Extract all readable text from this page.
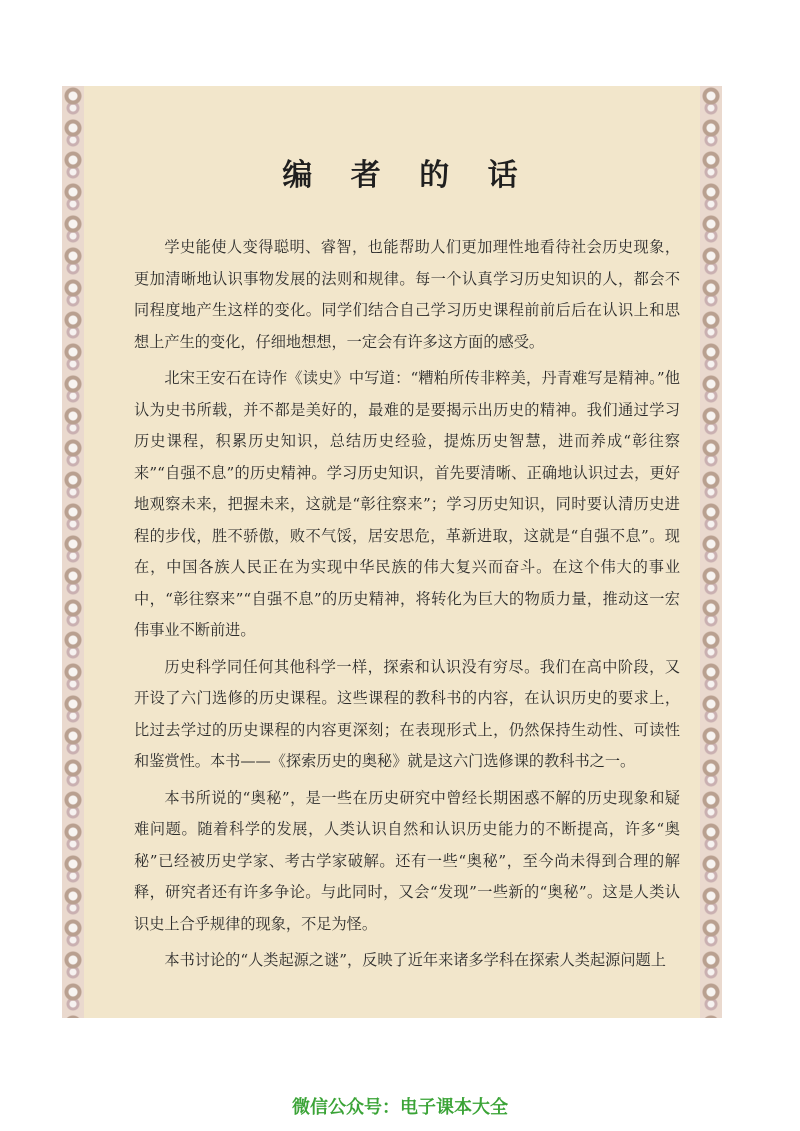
编 者 的 话

学史能使人变得聪明、睿智，也能帮助人们更加理性地看待社会历史现象，更加清晰地认识事物发展的法则和规律。每一个认真学习历史知识的人，都会不同程度地产生这样的变化。同学们结合自己学习历史课程前前后后在认识上和思想上产生的变化，仔细地想想，一定会有许多这方面的感受。

北宋王安石在诗作《读史》中写道：“糟粕所传非粹美，丹青难写是精神。”他认为史书所载，并不都是美好的，最难的是要揭示出历史的精神。我们通过学习历史课程，积累历史知识，总结历史经验，提炼历史智慧，进而养成“彰往察来”“自强不息”的历史精神。学习历史知识，首先要清晰、正确地认识过去，更好地观察未来，把握未来，这就是“彰往察来”；学习历史知识，同时要认清历史进程的步伐，胜不骄傲，败不气馁，居安思危，革新进取，这就是“自强不息”。现在，中国各族人民正在为实现中华民族的伟大复兴而奋斗。在这个伟大的事业中，“彰往察来”“自强不息”的历史精神，将转化为巨大的物质力量，推动这一宏伟事业不断前进。

历史科学同任何其他科学一样，探索和认识没有穷尽。我们在高中阶段，又开设了六门选修的历史课程。这些课程的教科书的内容，在认识历史的要求上，比过去学过的历史课程的内容更深刻；在表现形式上，仍然保持生动性、可读性和鉴赏性。本书——《探索历史的奥秘》就是这六门选修课的教科书之一。

本书所说的“奥秘”，是一些在历史研究中曾经长期困惑不解的历史现象和疑难问题。随着科学的发展，人类认识自然和认识历史能力的不断提高，许多“奥秘”已经被历史学家、考古学家破解。还有一些“奥秘”，至今尚未得到合理的解释，研究者还有许多争论。与此同时，又会“发现”一些新的“奥秘”。这是人类认识史上合乎规律的现象，不足为怪。

本书讨论的“人类起源之谜”，反映了近年来诸多学科在探索人类起源问题上

微信公众号：电子课本大全
